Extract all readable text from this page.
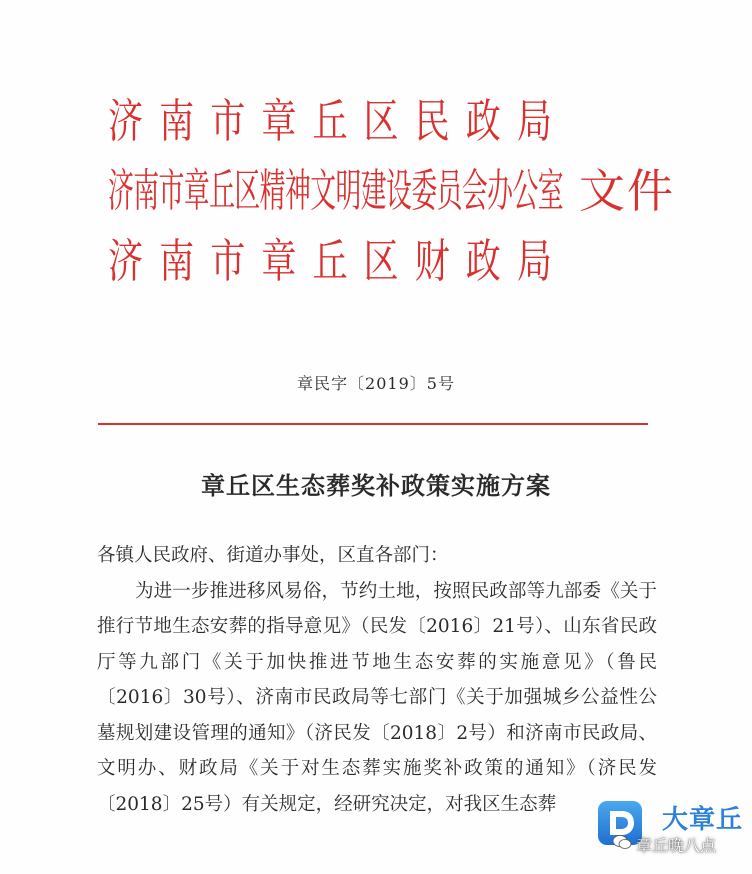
济南市章丘区民政局
济南市章丘区精神文明建设委员会办公室
济南市章丘区财政局
文件
章民字〔2019〕5号
章丘区生态葬奖补政策实施方案
各镇人民政府、街道办事处，区直各部门：
为进一步推进移风易俗，节约土地，按照民政部等九部委《关于推行节地生态安葬的指导意见》（民发〔2016〕21号）、山东省民政厅等九部门《关于加快推进节地生态安葬的实施意见》（鲁民〔2016〕30号）、济南市民政局等七部门《关于加强城乡公益性公墓规划建设管理的通知》（济民发〔2018〕2号）和济南市民政局、文明办、财政局《关于对生态葬实施奖补政策的通知》（济民发〔2018〕25号）有关规定，经研究决定，对我区生态葬
大章丘
章丘晚八点
